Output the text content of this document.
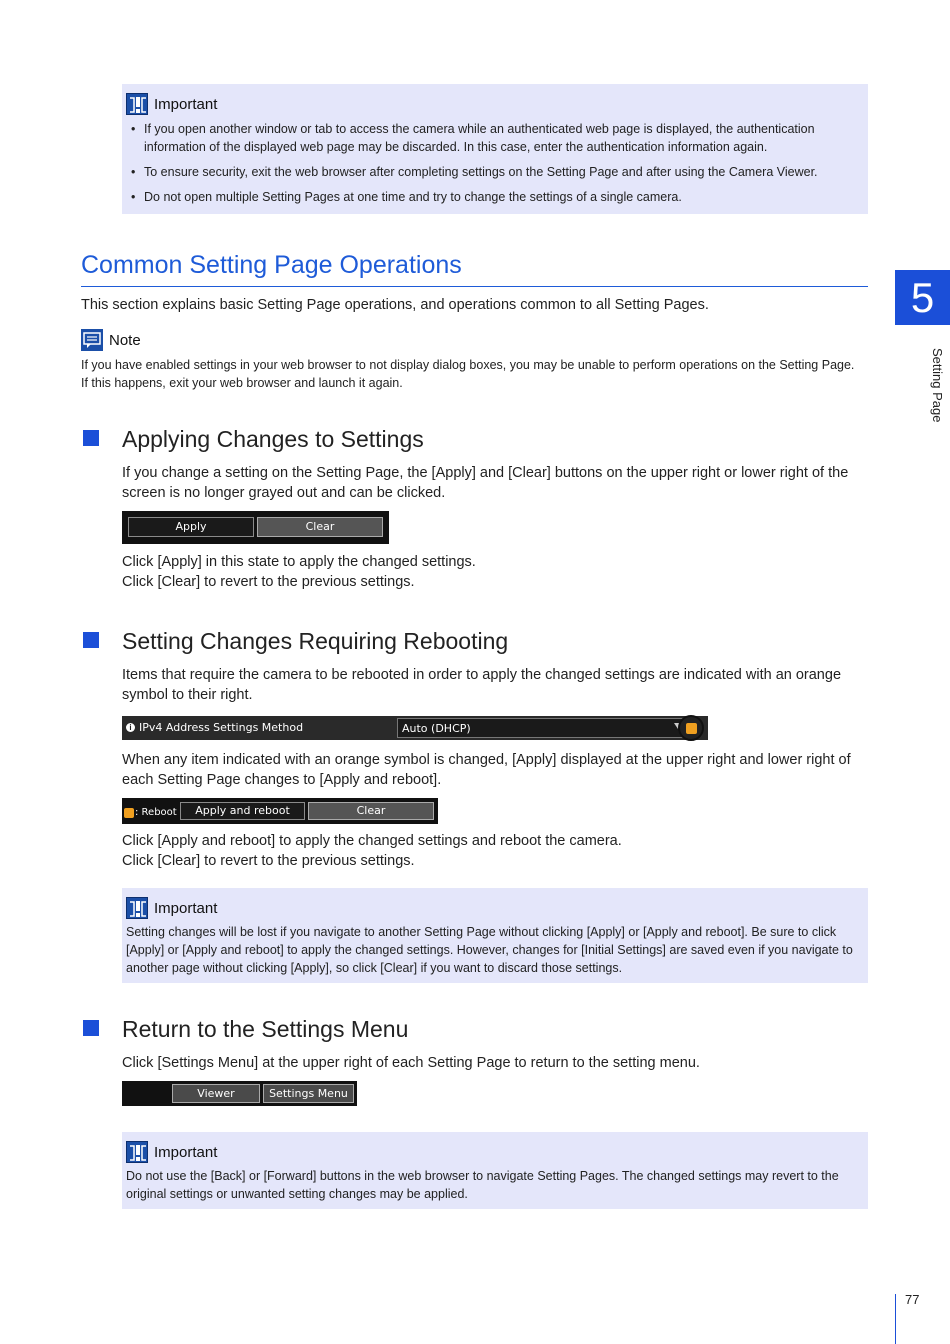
Important
• If you open another window or tab to access the camera while an authenticated web page is displayed, the authentication information of the displayed web page may be discarded. In this case, enter the authentication information again.
• To ensure security, exit the web browser after completing settings on the Setting Page and after using the Camera Viewer.
• Do not open multiple Setting Pages at one time and try to change the settings of a single camera.
Common Setting Page Operations
This section explains basic Setting Page operations, and operations common to all Setting Pages.
Note
If you have enabled settings in your web browser to not display dialog boxes, you may be unable to perform operations on the Setting Page. If this happens, exit your web browser and launch it again.
Applying Changes to Settings
If you change a setting on the Setting Page, the [Apply] and [Clear] buttons on the upper right or lower right of the screen is no longer grayed out and can be clicked.
Apply	Clear
Click [Apply] in this state to apply the changed settings.
Click [Clear] to revert to the previous settings.
Setting Changes Requiring Rebooting
Items that require the camera to be rebooted in order to apply the changed settings are indicated with an orange symbol to their right.
i IPv4 Address Settings Method	Auto (DHCP)
When any item indicated with an orange symbol is changed, [Apply] displayed at the upper right and lower right of each Setting Page changes to [Apply and reboot].
: Reboot	Apply and reboot	Clear
Click [Apply and reboot] to apply the changed settings and reboot the camera.
Click [Clear] to revert to the previous settings.
Important
Setting changes will be lost if you navigate to another Setting Page without clicking [Apply] or [Apply and reboot]. Be sure to click [Apply] or [Apply and reboot] to apply the changed settings. However, changes for [Initial Settings] are saved even if you navigate to another page without clicking [Apply], so click [Clear] if you want to discard those settings.
Return to the Settings Menu
Click [Settings Menu] at the upper right of each Setting Page to return to the setting menu.
Viewer	Settings Menu
Important
Do not use the [Back] or [Forward] buttons in the web browser to navigate Setting Pages. The changed settings may revert to the original settings or unwanted setting changes may be applied.
5
Setting Page
77
